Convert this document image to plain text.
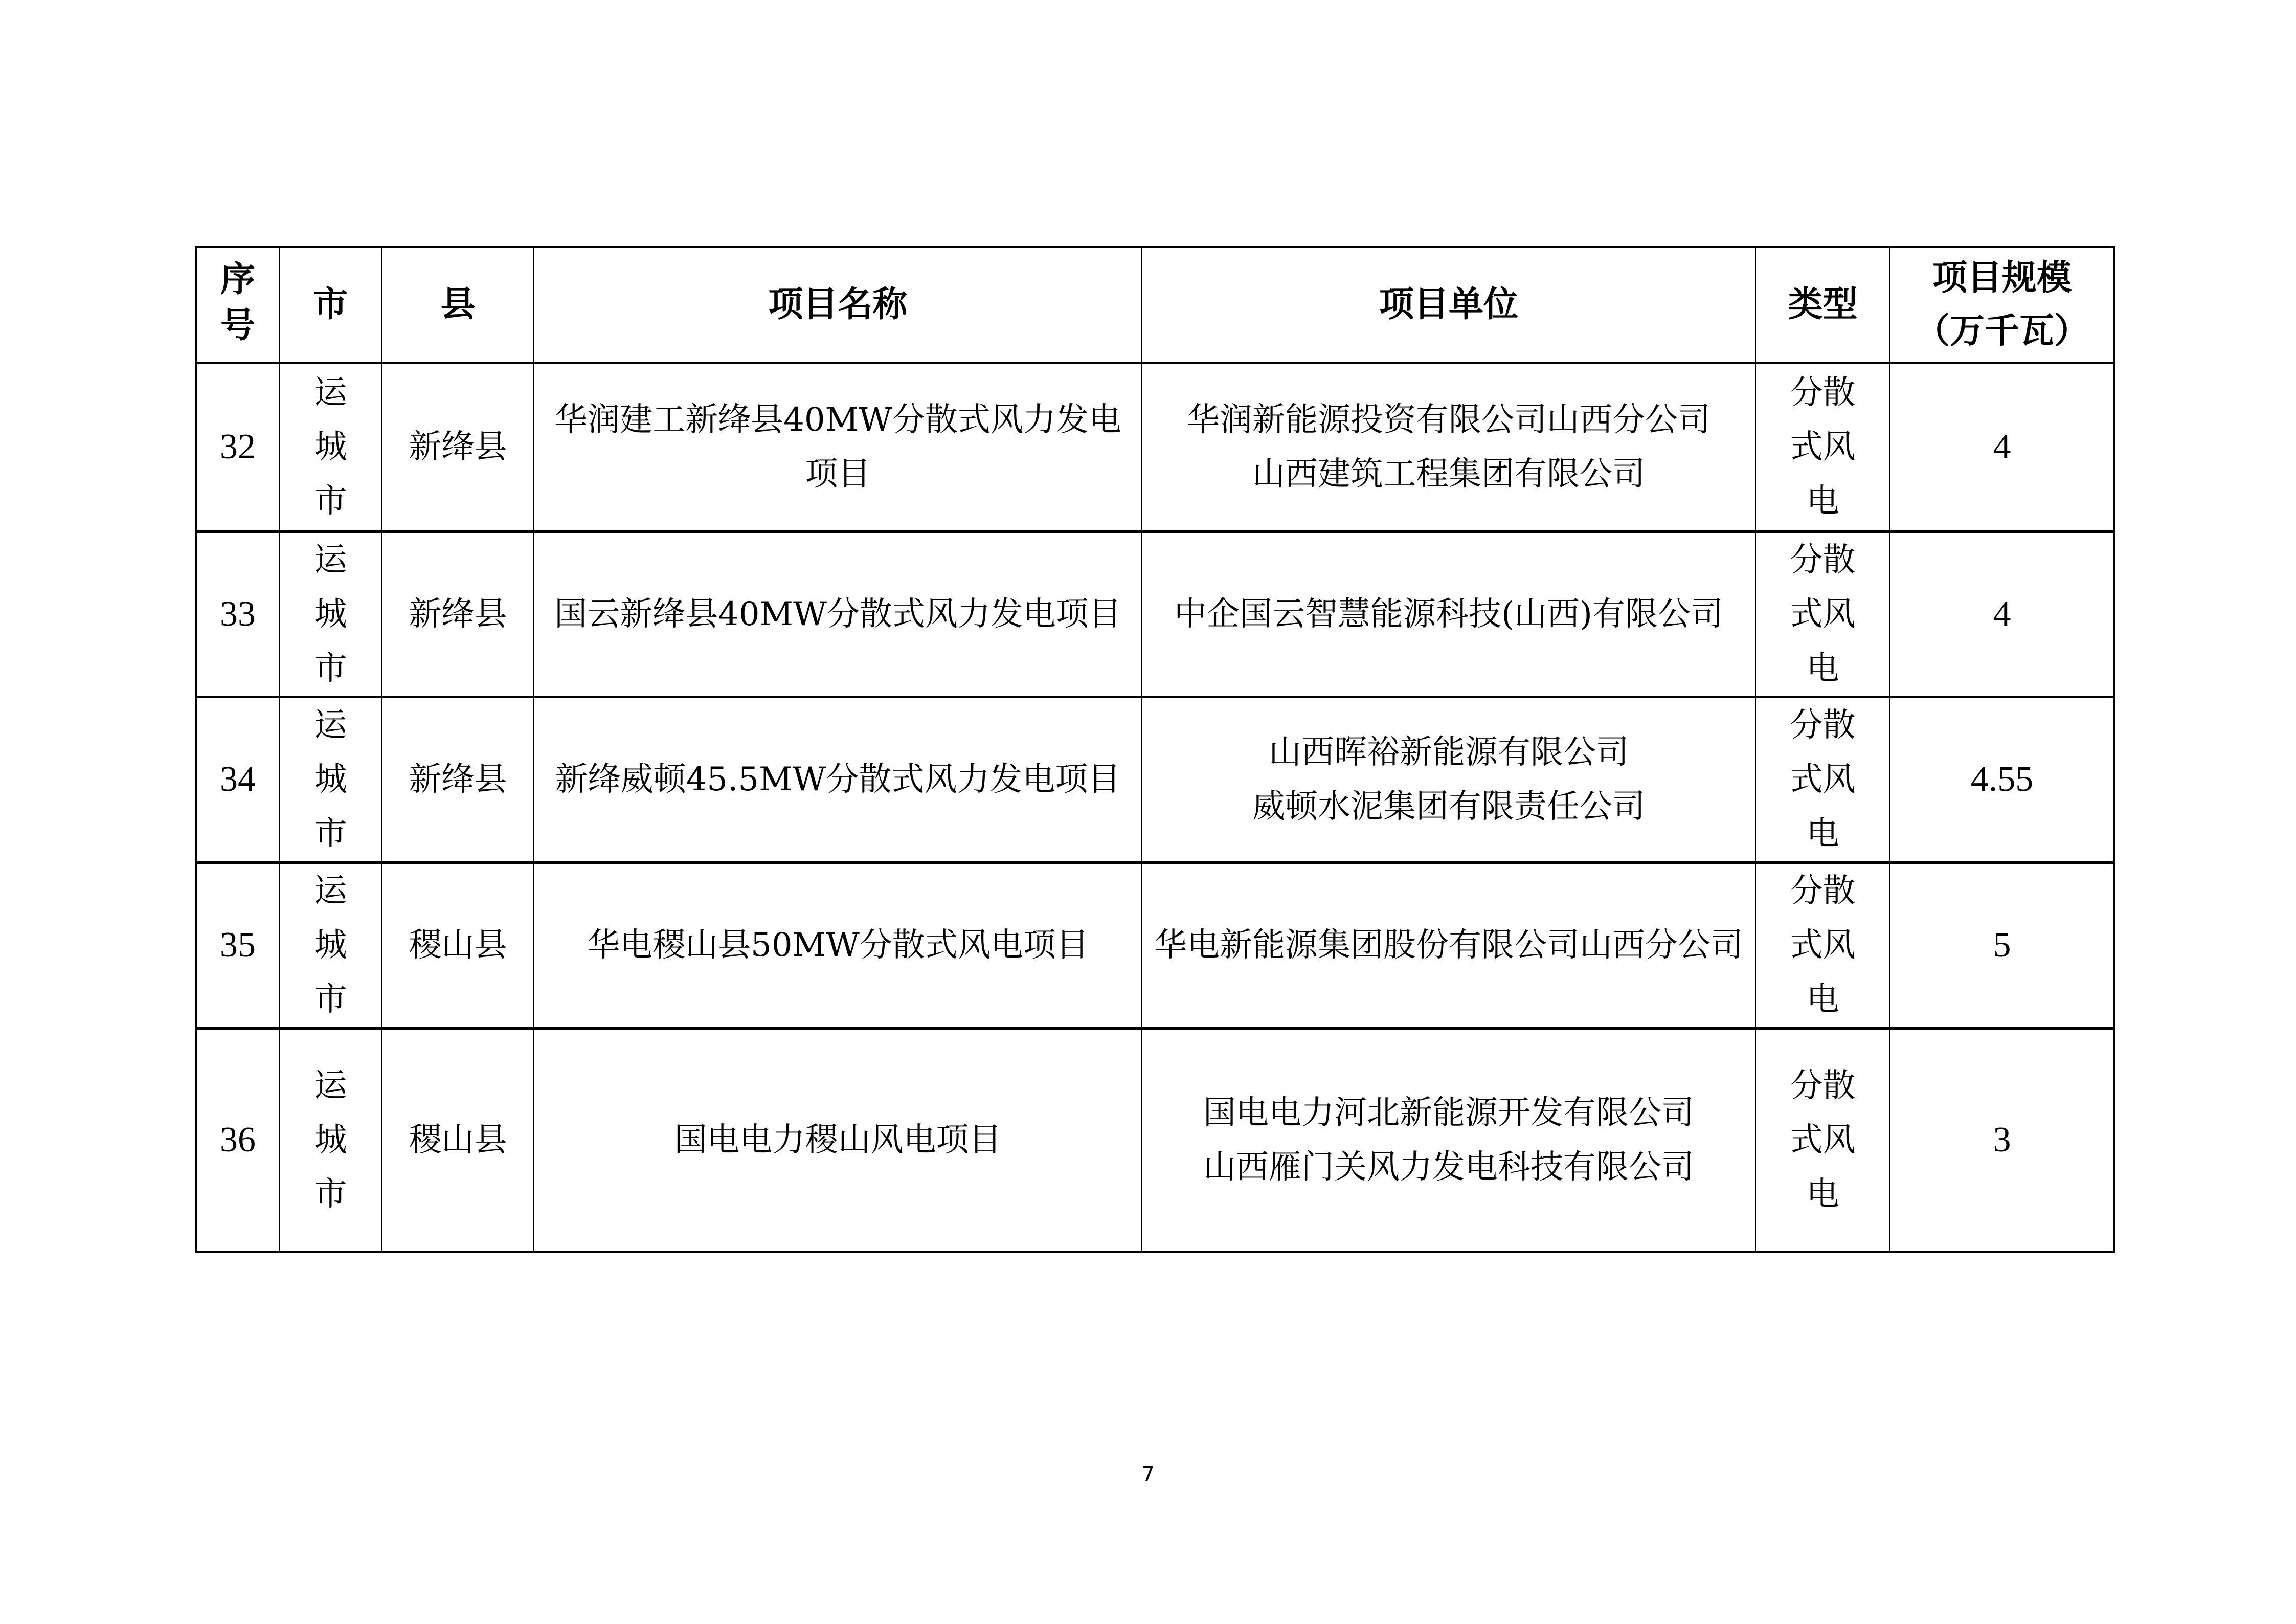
序号	市	县	项目名称	项目单位	类型	项目规模
（万千瓦）

32	运城市	新绛县	华润建工新绛县40MW分散式风力发电项目	华润新能源投资有限公司山西分公司
山西建筑工程集团有限公司	分散式风电	4
33	运城市	新绛县	国云新绛县40MW分散式风力发电项目	中企国云智慧能源科技(山西)有限公司	分散式风电	4
34	运城市	新绛县	新绛威顿45.5MW分散式风力发电项目	山西晖裕新能源有限公司
威顿水泥集团有限责任公司	分散式风电	4.55
35	运城市	稷山县	华电稷山县50MW分散式风电项目	华电新能源集团股份有限公司山西分公司	分散式风电	5
36	运城市	稷山县	国电电力稷山风电项目	国电电力河北新能源开发有限公司
山西雁门关风力发电科技有限公司	分散式风电	3
7
